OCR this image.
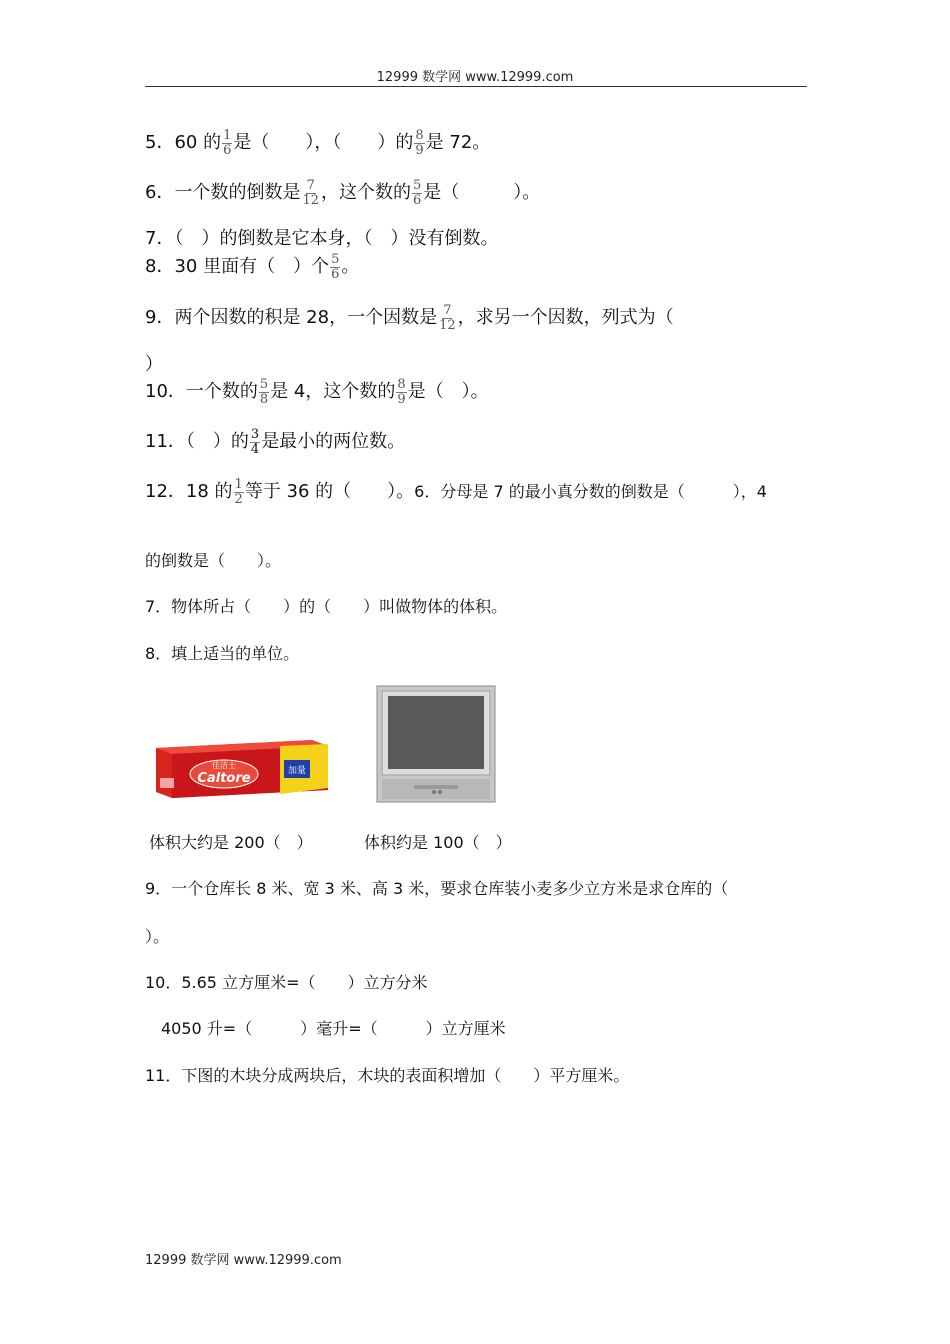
12999 数学网 www.12999.com
5．60 的 $\frac{1}{6}$ 是（　　），（　　）的 $\frac{8}{9}$ 是 72。
6．一个数的倒数是 $\frac{7}{12}$ ，这个数的 $\frac{5}{6}$ 是（　　　）。
7．（　）的倒数是它本身，（　）没有倒数。
8．30 里面有（　）个 $\frac{5}{6}$ 。
9．两个因数的积是 28，一个因数是 $\frac{7}{12}$ ，求另一个因数，列式为（
）
10．一个数的 $\frac{5}{8}$ 是 4，这个数的 $\frac{8}{9}$ 是（　）。
11．（　）的 $\frac{3}{4}$ 是最小的两位数。
12．18 的 $\frac{1}{2}$ 等于 36 的（　　）。6．分母是 7 的最小真分数的倒数是（　　　），4
的倒数是（　　）。
7．物体所占（　　）的（　　）叫做物体的体积。
8．填上适当的单位。
加量
佳洁士
Caltore
体积大约是 200（　）	体积约是 100（　）
9．一个仓库长 8 米、宽 3 米、高 3 米，要求仓库装小麦多少立方米是求仓库的（
）。
10．5.65 立方厘米=（　　）立方分米
4050 升=（　　　）毫升=（　　　）立方厘米
11．下图的木块分成两块后，木块的表面积增加（　　）平方厘米。
12999 数学网 www.12999.com
